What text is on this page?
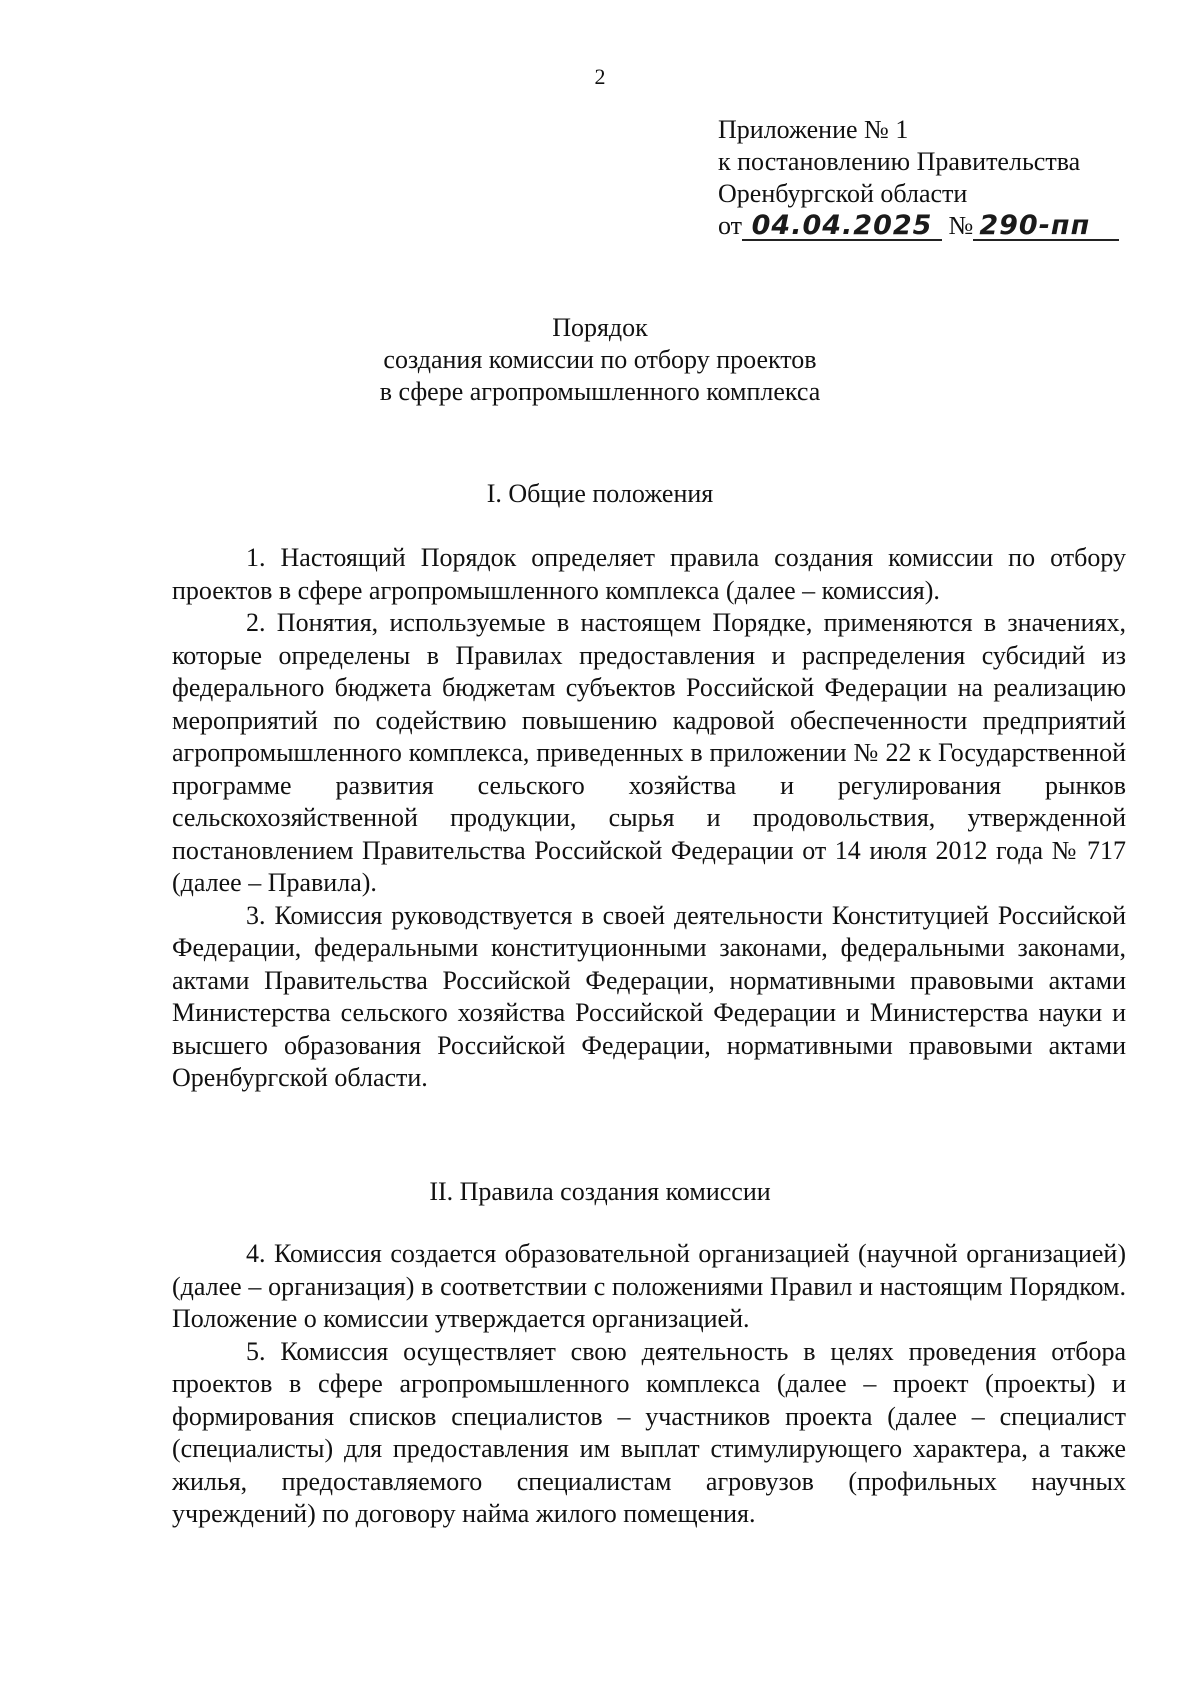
2
Приложение № 1
к постановлению Правительства
Оренбургской области
от 04.04.2025 № 290-пп
Порядок
создания комиссии по отбору проектов
в сфере агропромышленного комплекса
I. Общие положения

1. Настоящий Порядок определяет правила создания комиссии по отбору проектов в сфере агропромышленного комплекса (далее – комиссия).

2. Понятия, используемые в настоящем Порядке, применяются в значениях, которые определены в Правилах предоставления и распределения субсидий из федерального бюджета бюджетам субъектов Российской Федерации на реализацию мероприятий по содействию повышению кадровой обеспеченности предприятий агропромышленного комплекса, приведенных в приложении № 22 к Государственной программе развития сельского хозяйства и регулирования рынков сельскохозяйственной продукции, сырья и продовольствия, утвержденной постановлением Правительства Российской Федерации от 14 июля 2012 года № 717 (далее – Правила).

3. Комиссия руководствуется в своей деятельности Конституцией Российской Федерации, федеральными конституционными законами, федеральными законами, актами Правительства Российской Федерации, нормативными правовыми актами Министерства сельского хозяйства Российской Федерации и Министерства науки и высшего образования Российской Федерации, нормативными правовыми актами Оренбургской области.

II. Правила создания комиссии

4. Комиссия создается образовательной организацией (научной организацией) (далее – организация) в соответствии с положениями Правил и настоящим Порядком. Положение о комиссии утверждается организацией.

5. Комиссия осуществляет свою деятельность в целях проведения отбора проектов в сфере агропромышленного комплекса (далее – проект (проекты) и формирования списков специалистов – участников проекта (далее – специалист (специалисты) для предоставления им выплат стимулирующего характера, а также жилья, предоставляемого специалистам агровузов (профильных научных учреждений) по договору найма жилого помещения.
